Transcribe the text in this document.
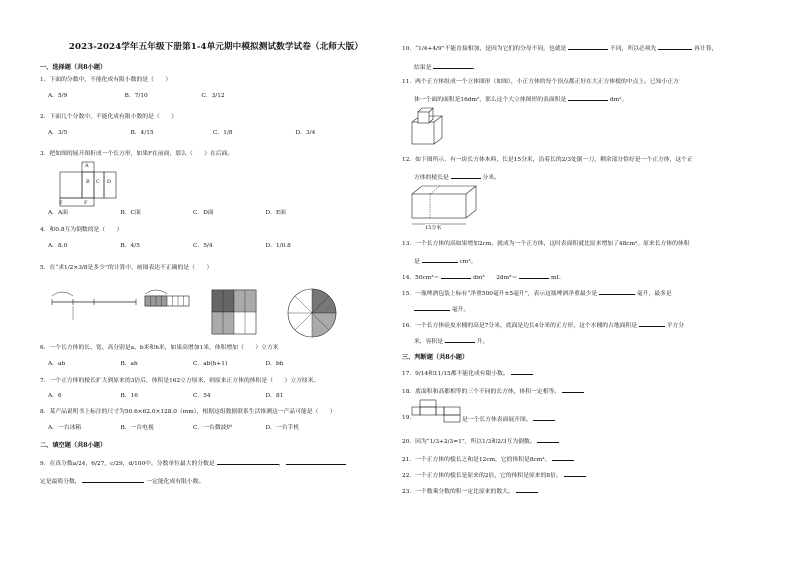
2023-2024学年五年级下册第1-4单元期中模拟测试数学试卷（北师大版）

一、选择题（共8小题）

1．下面的分数中，不能化成有限小数的是（　　）

A．5/9	B．7/10	C．3/12

2．下面几个分数中，不能化成有限小数的是（　　）

A．3/5	B．4/15	C．1/8	D．3/4

3．把如图的展开图折成一个长方形，如果F在前面，那么（　　）在后面。

A
B C D
E	F
A．A面	B．C面	C．D面	D．E面

4．和0.8互为倒数的是（　　）

A．8.0	B．4/5	C．5/4	D．1/0.8

5．在“求1/2×3/8是多少”的计算中，画图表达不正确的是（　　）

6．一个长方体的长、宽、高分别是a、b米和h米，如果高增加1米，体积增加（　　）立方米

A．ab	B．ah	C．ab(h+1)	D．bh

7．一个正方体的棱长扩大到原来的3倍后，体积是162立方厘米，则原来正方体的体积是（　　）立方厘米。

A．6	B．16	C．54	D．81

8．某产品说明书上标注的尺寸为50.6×62.0×128.0（mm），根据这组数据联系生活推测这一产品可能是（　　）

A．一台冰箱	B．一台电视	C．一台微波炉	D．一台手机

二、填空题（共8小题）

9．在真分数a/24，6/27，c/29，d/100中，分数单位最大的分数是	，

定是最简分数，	一定能化成有限小数。

10．“1/4+4/9”不能直接相加，是因为它们的分母不同，也就是	不同，所以必须先	再计算，

结果是	。

11．两个正方体组成一个立体图形（如图），小正方体的每个顶点都正好在大正方体棱的中点上。已知小正方

体一个面的面积是16dm²，那么这个大立体图形的表面积是	dm²。

12．如下图所示，有一块长方体木料，长是15分米，沿着长的2/3处锯一刀，剩余部分恰好是一个正方体，这个正

方体的棱长是	分米。

15分米

13．一个长方体的高如果增加2cm，就成为一个正方体，这时表面积就比原来增加了48cm²。原来长方体的体积

是	cm³。

14．50cm³＝	dm³　　2dm³＝	mL

15．一瓶啤酒包装上标有“净重500毫升±5毫升”，表示这瓶啤酒净重最少是	毫升，最多是

毫升。

16．一个长方体硅皮水桶的高是7分米，底面是边长4分米的正方形，这个水桶的占地面积是	平方分

米，容积是	升。

三、判断题（共8小题）

17．9/14和11/15都不能化成有限小数。

18．底面积和高都相等的三个不同的长方体，体积一定相等。

19．	是一个长方体表面展开图。

20．因为“1/3+2/3=1”，所以1/3和2/3互为倒数。

21．一个正方体的棱长之和是12cm，它的体积是8cm³。

22．一个正方体的棱长是原来的2倍，它的体积是原来的8倍。

23．一个数乘分数的积一定比原来的数大。
